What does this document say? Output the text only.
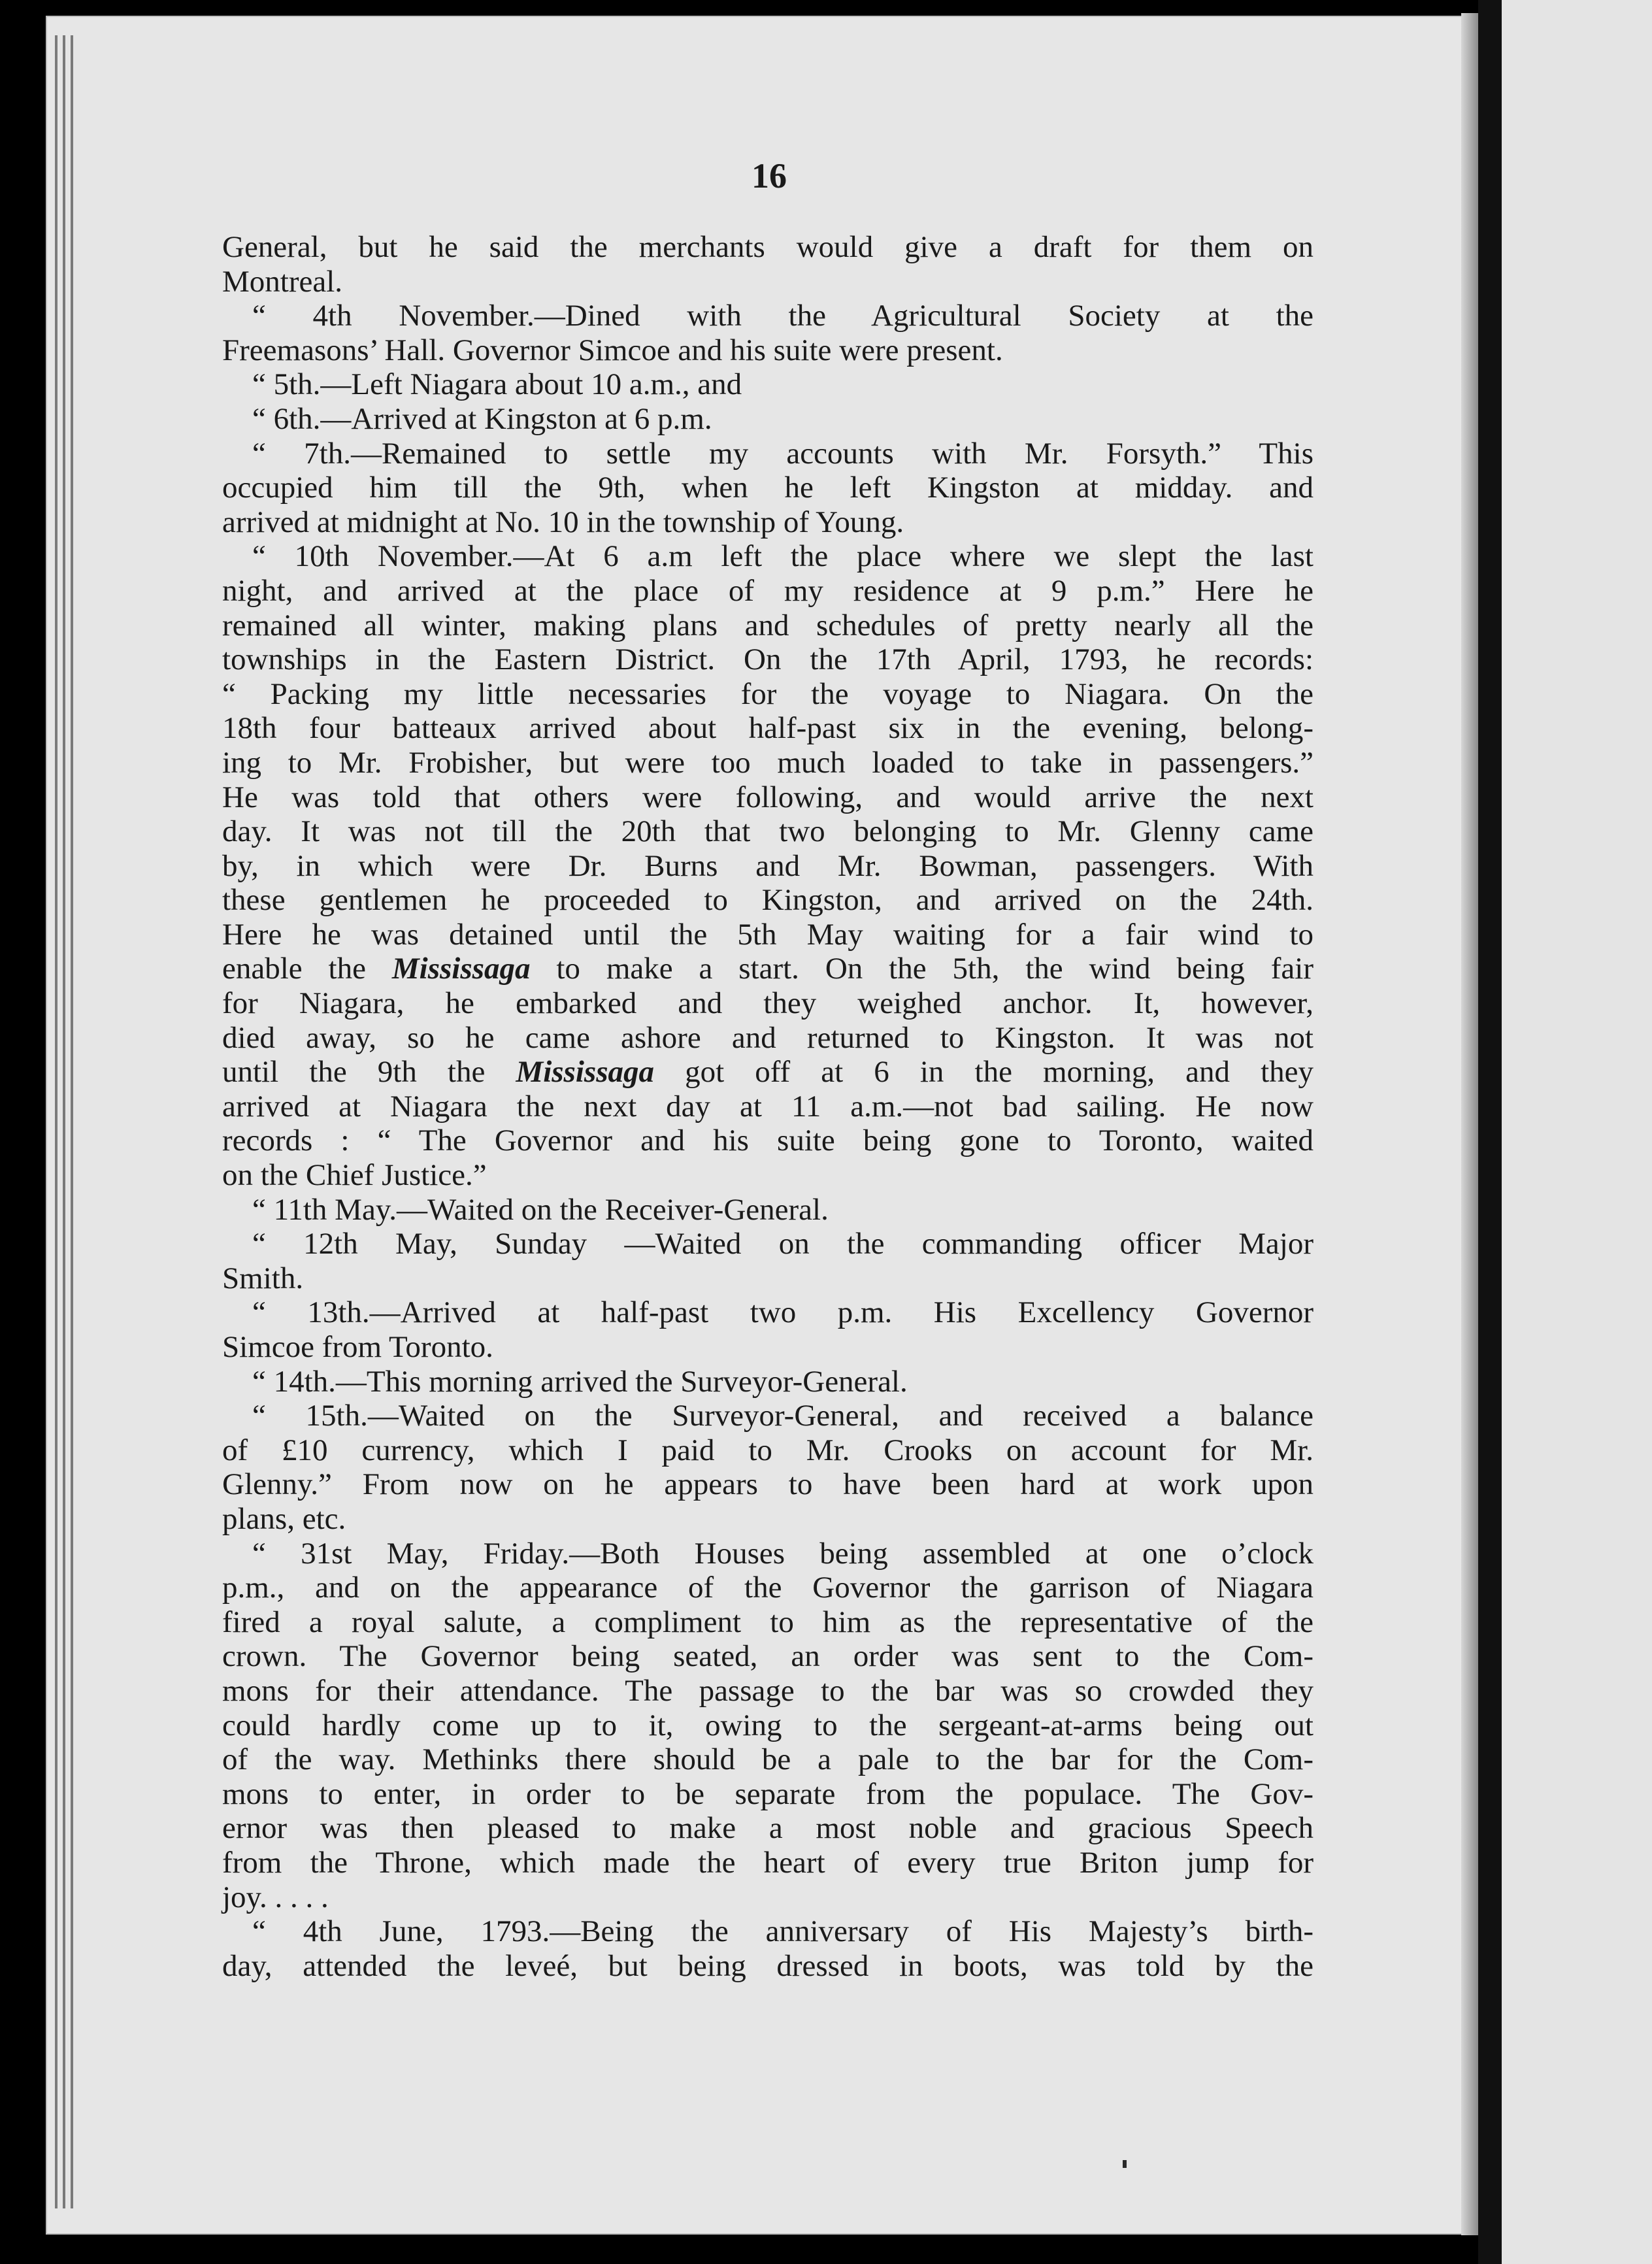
16
General, but he said the merchants would give a draft for them on
Montreal.
“ 4th November.—Dined with the Agricultural Society at the
Freemasons’ Hall. Governor Simcoe and his suite were present.
“ 5th.—Left Niagara about 10 a.m., and
“ 6th.—Arrived at Kingston at 6 p.m.
“ 7th.—Remained to settle my accounts with Mr. Forsyth.” This
occupied him till the 9th, when he left Kingston at midday. and
arrived at midnight at No. 10 in the township of Young.
“ 10th November.—At 6 a.m left the place where we slept the last
night, and arrived at the place of my residence at 9 p.m.” Here he
remained all winter, making plans and schedules of pretty nearly all the
townships in the Eastern District. On the 17th April, 1793, he records:
“ Packing my little necessaries for the voyage to Niagara. On the
18th four batteaux arrived about half-past six in the evening, belong-
ing to Mr. Frobisher, but were too much loaded to take in passengers.”
He was told that others were following, and would arrive the next
day. It was not till the 20th that two belonging to Mr. Glenny came
by, in which were Dr. Burns and Mr. Bowman, passengers. With
these gentlemen he proceeded to Kingston, and arrived on the 24th.
Here he was detained until the 5th May waiting for a fair wind to
enable the Mississaga to make a start. On the 5th, the wind being fair
for Niagara, he embarked and they weighed anchor. It, however,
died away, so he came ashore and returned to Kingston. It was not
until the 9th the Mississaga got off at 6 in the morning, and they
arrived at Niagara the next day at 11 a.m.—not bad sailing. He now
records : “ The Governor and his suite being gone to Toronto, waited
on the Chief Justice.”
“ 11th May.—Waited on the Receiver-General.
“ 12th May, Sunday —Waited on the commanding officer Major
Smith.
“ 13th.—Arrived at half-past two p.m. His Excellency Governor
Simcoe from Toronto.
“ 14th.—This morning arrived the Surveyor-General.
“ 15th.—Waited on the Surveyor-General, and received a balance
of £10 currency, which I paid to Mr. Crooks on account for Mr.
Glenny.” From now on he appears to have been hard at work upon
plans, etc.
“ 31st May, Friday.—Both Houses being assembled at one o’clock
p.m., and on the appearance of the Governor the garrison of Niagara
fired a royal salute, a compliment to him as the representative of the
crown. The Governor being seated, an order was sent to the Com-
mons for their attendance. The passage to the bar was so crowded they
could hardly come up to it, owing to the sergeant-at-arms being out
of the way. Methinks there should be a pale to the bar for the Com-
mons to enter, in order to be separate from the populace. The Gov-
ernor was then pleased to make a most noble and gracious Speech
from the Throne, which made the heart of every true Briton jump for
joy. . . . .
“ 4th June, 1793.—Being the anniversary of His Majesty’s birth-
day, attended the leveé, but being dressed in boots, was told by the
